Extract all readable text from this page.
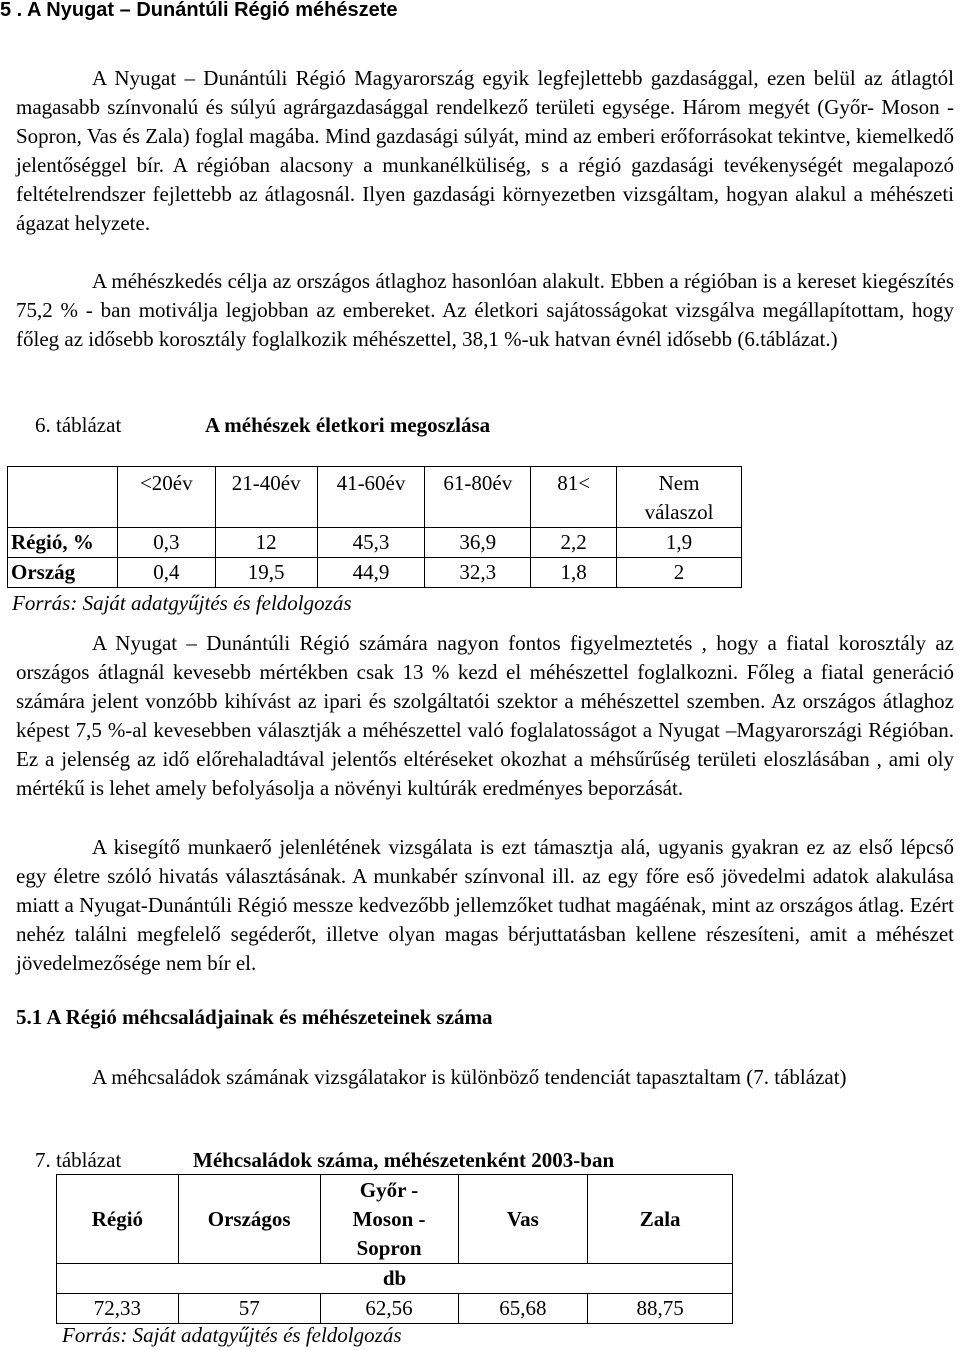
5 . A Nyugat – Dunántúli Régió méhészete
A Nyugat – Dunántúli Régió Magyarország egyik legfejlettebb gazdasággal, ezen belül az átlagtól magasabb színvonalú és súlyú agrárgazdasággal rendelkező területi egysége. Három megyét (Győr- Moson - Sopron, Vas és Zala) foglal magába. Mind gazdasági súlyát, mind az emberi erőforrásokat tekintve, kiemelkedő jelentőséggel bír. A régióban alacsony a munkanélküliség, s a régió gazdasági tevékenységét megalapozó feltételrendszer fejlettebb az átlagosnál. Ilyen gazdasági környezetben vizsgáltam, hogyan alakul a méhészeti ágazat helyzete.
A méhészkedés célja az országos átlaghoz hasonlóan alakult. Ebben a régióban is a kereset kiegészítés 75,2 % - ban motiválja legjobban az embereket. Az életkori sajátosságokat vizsgálva megállapítottam, hogy főleg az idősebb korosztály foglalkozik méhészettel, 38,1 %-uk hatvan évnél idősebb (6.táblázat.)
6. táblázat	A méhészek életkori megoszlása
	<20év	21-40év	41-60év	61-80év	81<	Nem válaszol
Régió, %	0,3	12	45,3	36,9	2,2	1,9
Ország	0,4	19,5	44,9	32,3	1,8	2
Forrás: Saját adatgyűjtés és feldolgozás
A Nyugat – Dunántúli Régió számára nagyon fontos figyelmeztetés , hogy a fiatal korosztály az országos átlagnál kevesebb mértékben csak 13 % kezd el méhészettel foglalkozni. Főleg a fiatal generáció számára jelent vonzóbb kihívást az ipari és szolgáltatói szektor a méhészettel szemben. Az országos átlaghoz képest 7,5 %-al kevesebben választják a méhészettel való foglalatosságot a Nyugat –Magyarországi Régióban. Ez a jelenség az idő előrehaladtával jelentős eltéréseket okozhat a méhsűrűség területi eloszlásában , ami oly mértékű is lehet amely befolyásolja a növényi kultúrák eredményes beporzását.
A kisegítő munkaerő jelenlétének vizsgálata is ezt támasztja alá, ugyanis gyakran ez az első lépcső egy életre szóló hivatás választásának. A munkabér színvonal ill. az egy főre eső jövedelmi adatok alakulása miatt a Nyugat-Dunántúli Régió messze kedvezőbb jellemzőket tudhat magáénak, mint az országos átlag. Ezért nehéz találni megfelelő segéderőt, illetve olyan magas bérjuttatásban kellene részesíteni, amit a méhészet jövedelmezősége nem bír el.
5.1 A Régió méhcsaládjainak és méhészeteinek száma
A méhcsaládok számának vizsgálatakor is különböző tendenciát tapasztaltam (7. táblázat)
7. táblázat	Méhcsaládok száma, méhészetenként 2003-ban
Régió	Országos	Győr - Moson - Sopron	Vas	Zala
db				
72,33	57	62,56	65,68	88,75
Forrás: Saját adatgyűjtés és feldolgozás
